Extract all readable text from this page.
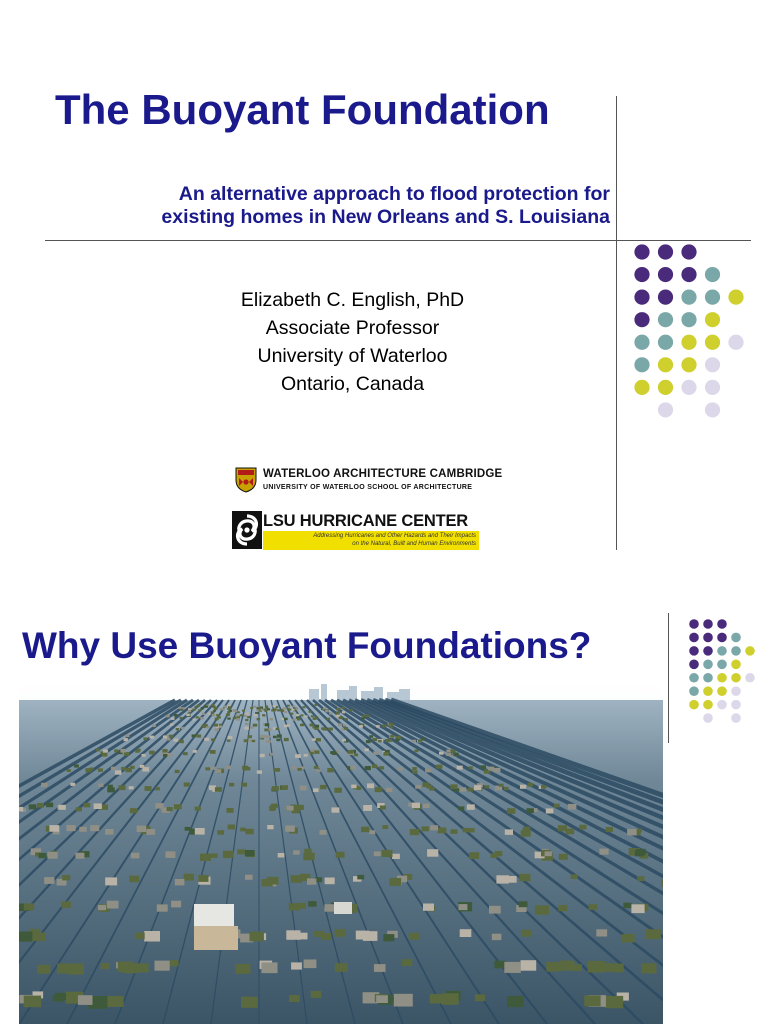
The Buoyant Foundation
An alternative approach to flood protection for
existing homes in New Orleans and S. Louisiana
Elizabeth C. English, PhD
Associate Professor
University of Waterloo
Ontario, Canada
WATERLOO ARCHITECTURE CAMBRIDGE
UNIVERSITY OF WATERLOO SCHOOL OF ARCHITECTURE
LSU HURRICANE CENTER
Addressing Hurricanes and Other Hazards and Their Impacts
on the Natural, Built and Human Environments
Why Use Buoyant Foundations?
